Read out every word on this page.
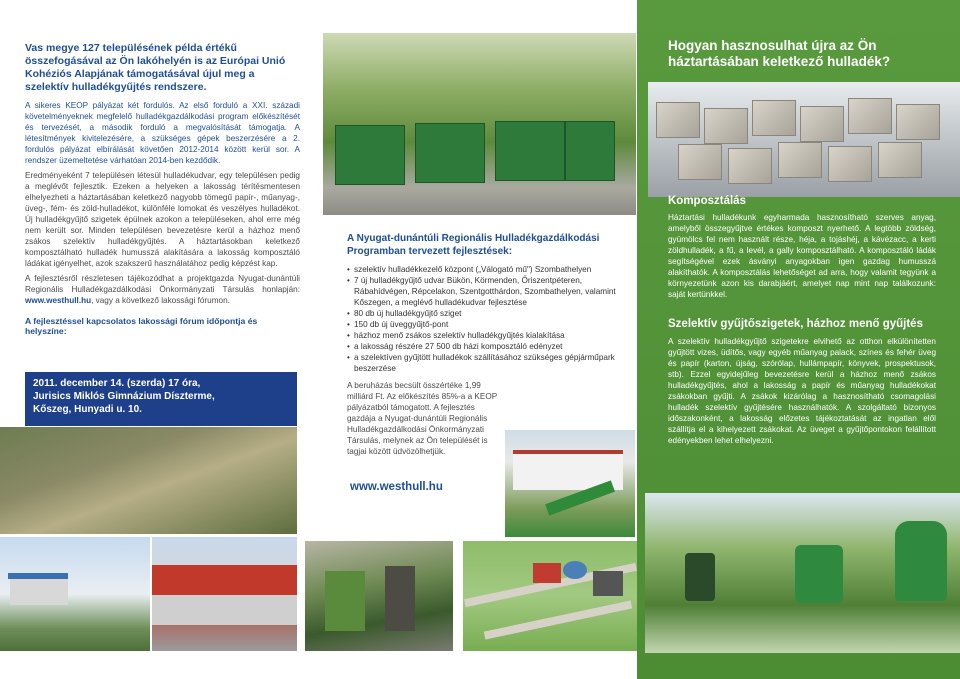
Vas megye 127 településének példa értékű összefogásával az Ön lakóhelyén is az Európai Unió Kohéziós Alapjának támogatásával újul meg a szelektív hulladékgyűjtés rendszere.

A sikeres KEOP pályázat két fordulós. Az első forduló a XXI. századi követelményeknek megfelelő hulladékgazdálkodási program előkészítését és tervezését, a második forduló a megvalósítását támogatja. A létesítmények kivitelezésére, a szükséges gépek beszerzésére a 2. fordulós pályázat elbírálását követően 2012-2014 között kerül sor. A rendszer üzemeltetése várhatóan 2014-ben kezdődik.

Eredményeként 7 településen létesül hulladékudvar, egy településen pedig a meglévőt fejlesztik. Ezeken a helyeken a lakosság térítésmentesen elhelyezheti a háztartásában keletkező nagyobb tömegű papír-, műanyag-, üveg-, fém- és zöld-hulladékot, különféle lomokat és veszélyes hulladékot. Új hulladékgyűjtő szigetek épülnek azokon a településeken, ahol erre még nem került sor. Minden településen bevezetésre kerül a házhoz menő zsákos szelektív hulladékgyűjtés. A háztartásokban keletkező komposztálható hulladék humusszá alakítására a lakosság komposztáló ládákat igényelhet, azok szakszerű használatához pedig képzést kap.

A fejlesztésről részletesen tájékozódhat a projektgazda Nyugat-dunántúli Regionális Hulladékgazdálkodási Önkormányzati Társulás honlapján: www.westhull.hu, vagy a következő lakossági fórumon.

A fejlesztéssel kapcsolatos lakossági fórum időpontja és helyszíne:

2011. december 14. (szerda) 17 óra,
Jurisics Miklós Gimnázium Díszterme,
Kőszeg, Hunyadi u. 10.

A Nyugat-dunántúli Regionális Hulladékgazdálkodási Programban tervezett fejlesztések:

• szelektív hulladékkezelő központ („Válogató mű") Szombathelyen
• 7 új hulladékgyűjtő udvar Bükön, Körmenden, Őriszentpéteren, Rábahídvégen, Répcelakon, Szentgotthárdon, Szombathelyen, valamint Kőszegen, a meglévő hulladékudvar fejlesztése
• 80 db új hulladékgyűjtő sziget
• 150 db új üveggyűjtő-pont
• házhoz menő zsákos szelektív hulladékgyűjtés kialakítása
• a lakosság részére 27 500 db házi komposztáló edényzet
• a szelektíven gyűjtött hulladékok szállításához szükséges gépjárműpark beszerzése

A beruházás becsült összértéke 1,99 milliárd Ft. Az előkészítés 85%-a a KEOP pályázatból támogatott. A fejlesztés gazdája a Nyugat-dunántúli Regionális Hulladékgazdálkodási Önkormányzati Társulás, melynek az Ön települését is tagjai között üdvözölhetjük.

www.westhull.hu
Hogyan hasznosulhat újra az Ön háztartásában keletkező hulladék?
Komposztálás

Háztartási hulladékunk egyharmada hasznosítható szerves anyag, amelyből összegyűjtve értékes komposzt nyerhető. A legtöbb zöldség, gyümölcs fel nem használt része, héja, a tojáshéj, a kávézacc, a kerti zöldhulladék, a fű, a levél, a gally komposztálható. A komposztáló ládák segítségével ezek ásványi anyagokban igen gazdag humusszá alakíthatók. A komposztálás lehetőséget ad arra, hogy valamit tegyünk a környezetünk azon kis darabjáért, amelyet nap mint nap találkozunk: saját kertünkkel.

Szelektív gyűjtőszigetek, házhoz menő gyűjtés

A szelektív hulladékgyűjtő szigetekre elvihető az otthon elkülönítetten gyűjtött vizes, üdítős, vagy egyéb műanyag palack, színes és fehér üveg és papír (karton, újság, szórólap, hullámpapír, könyvek, prospektusok, stb). Ezzel egyidejűleg bevezetésre kerül a házhoz menő zsákos hulladékgyűjtés, ahol a lakosság a papír és műanyag hulladékokat zsákokban gyűjti. A zsákok kizárólag a hasznosítható csomagolási hulladék szelektív gyűjtésére használhatók. A szolgáltató bizonyos időszakonként, a lakosság előzetes tájékoztatását az ingatlan elől szállítja el a kihelyezett zsákokat. Az üveget a gyűjtőpontokon felállított edényekben lehet elhelyezni.
